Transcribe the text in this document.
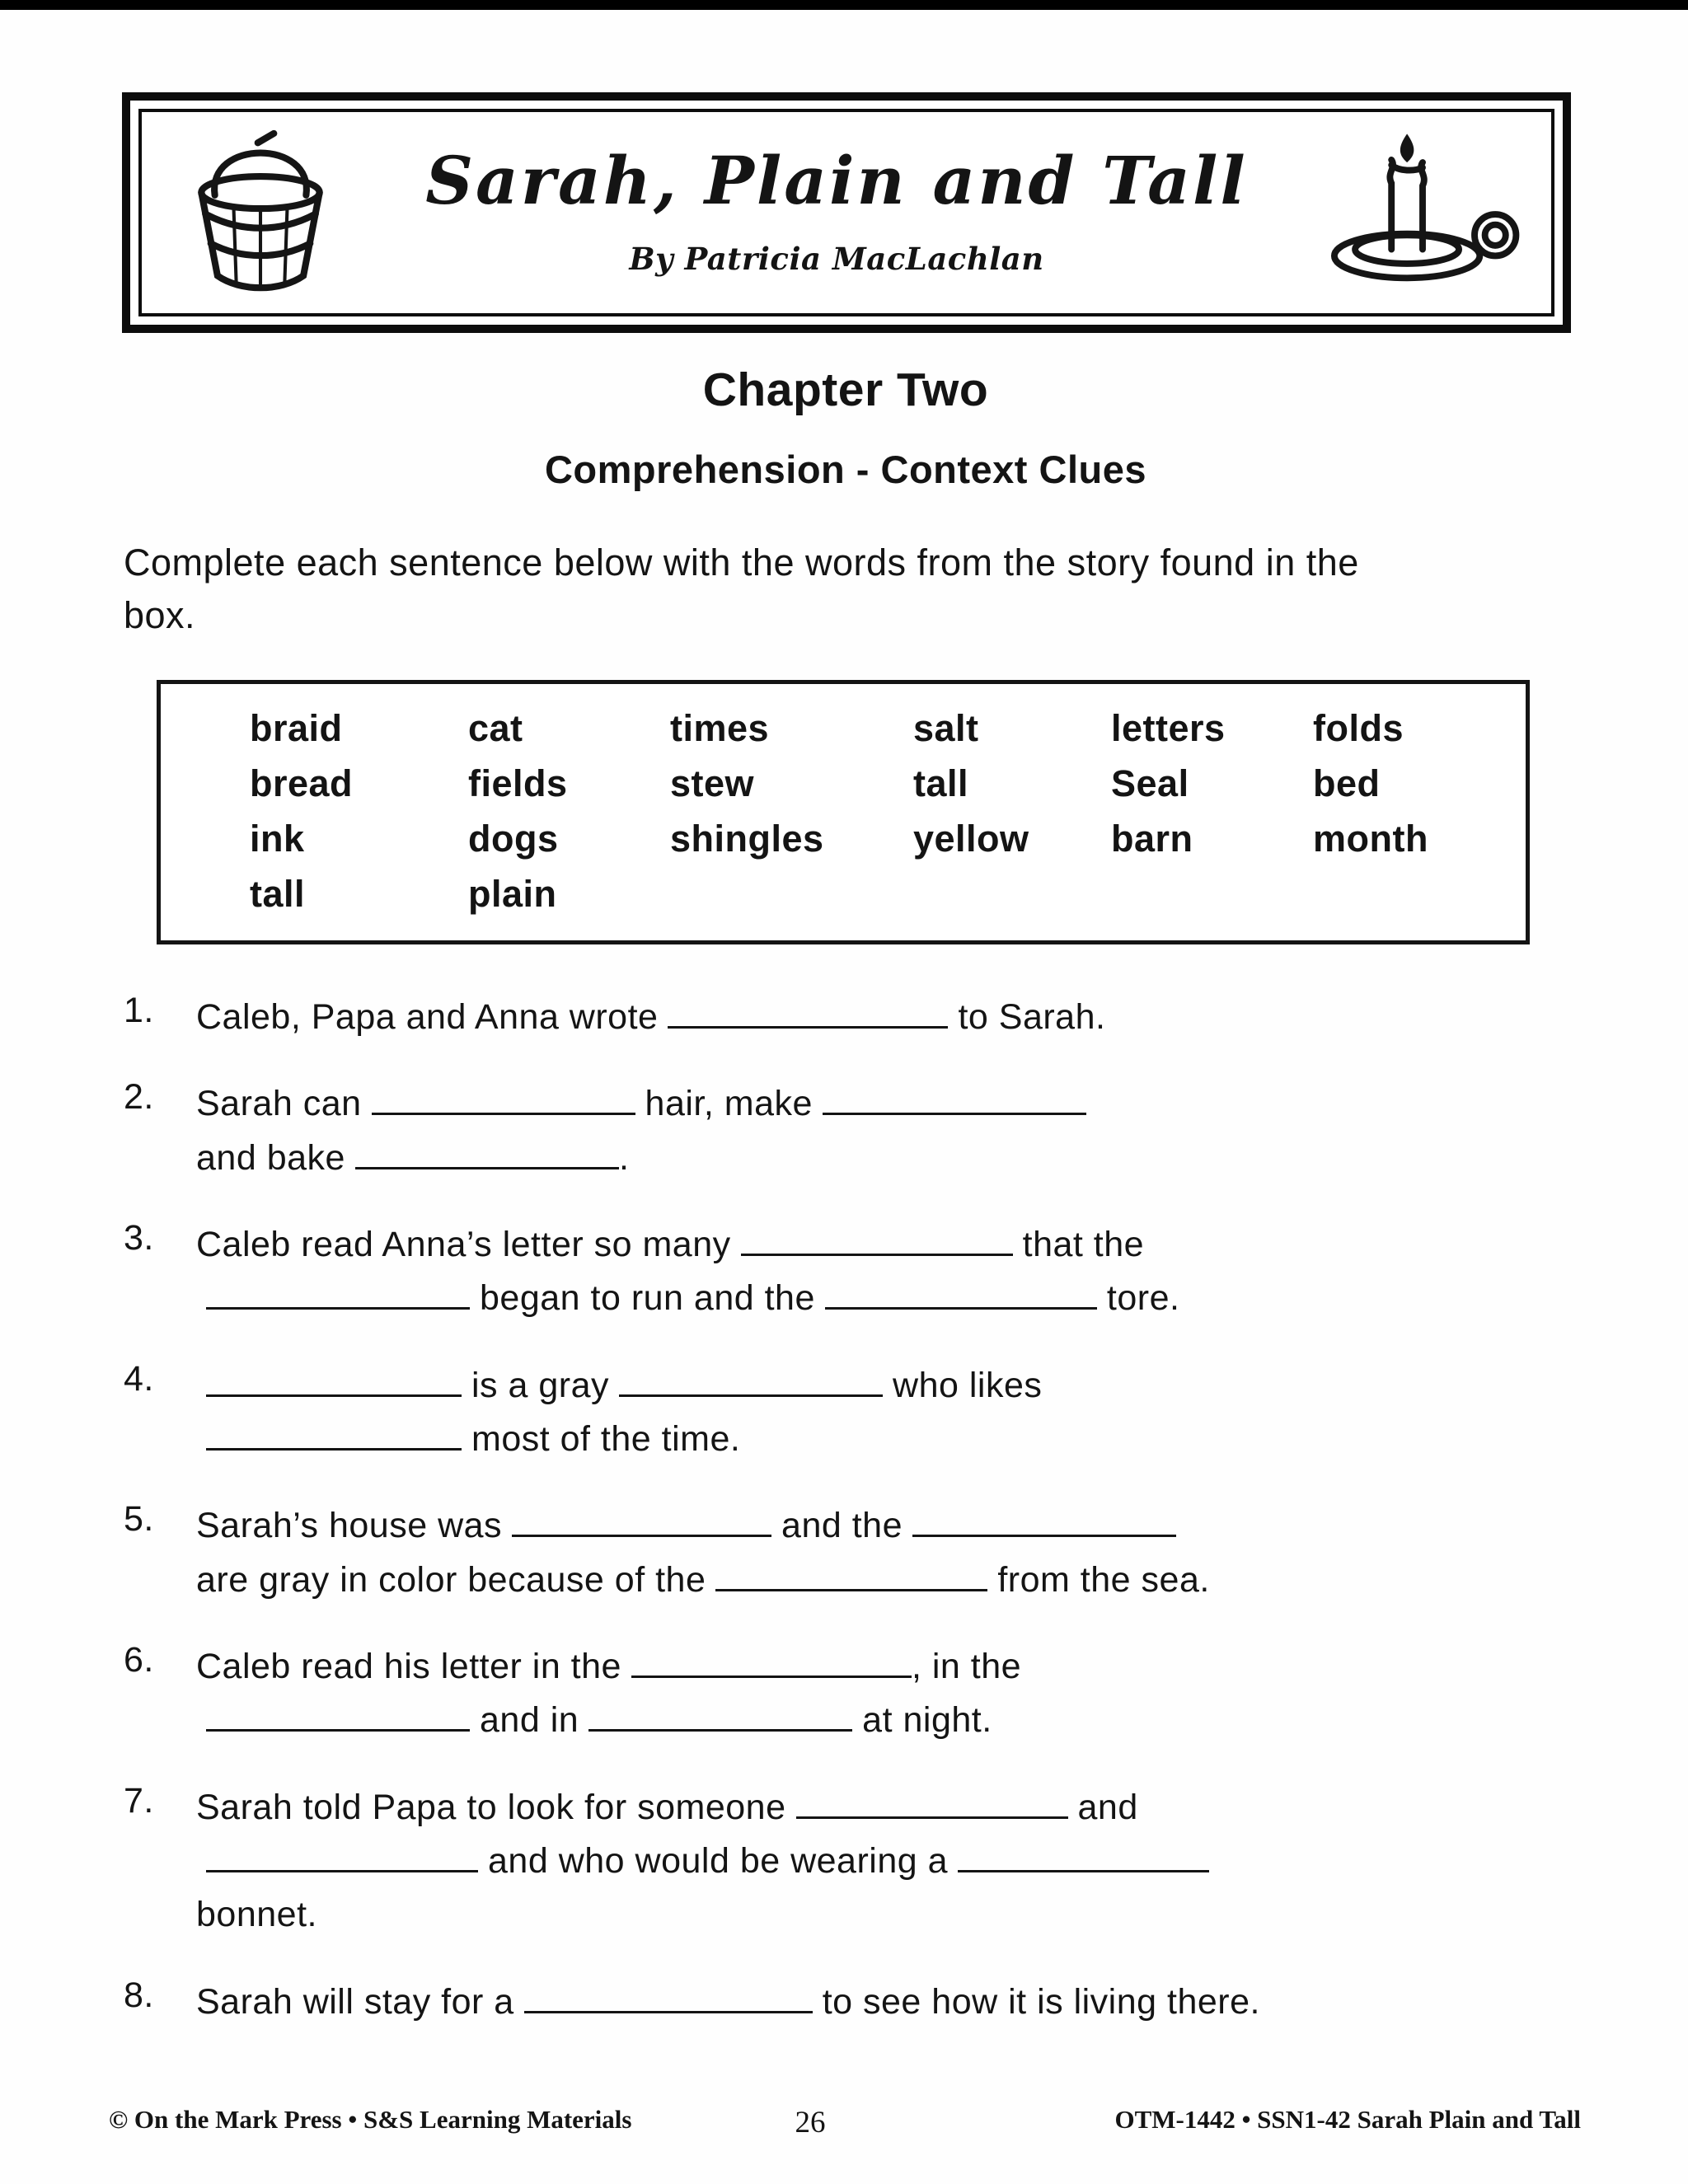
Sarah, Plain and Tall
By Patricia MacLachlan
Chapter Two
Comprehension - Context Clues
Complete each sentence below with the words from the story found in the
box.
braid	cat	times	salt	letters	folds
bread	fields	stew	tall	Seal	bed
ink	dogs	shingles	yellow	barn	month
tall	plain
1.	Caleb, Papa and Anna wrote	to Sarah.
2.	Sarah can	hair, make
and bake	.
3.	Caleb read Anna’s letter so many	that the
began to run and the	tore.
4.	is a gray	who likes
most of the time.
5.	Sarah’s house was	and the
are gray in color because of the	from the sea.
6.	Caleb read his letter in the	, in the
and in	at night.
7.	Sarah told Papa to look for someone	and
and who would be wearing a
bonnet.
8.	Sarah will stay for a	to see how it is living there.
© On the Mark Press • S&S Learning Materials	26	OTM-1442 • SSN1-42 Sarah Plain and Tall
